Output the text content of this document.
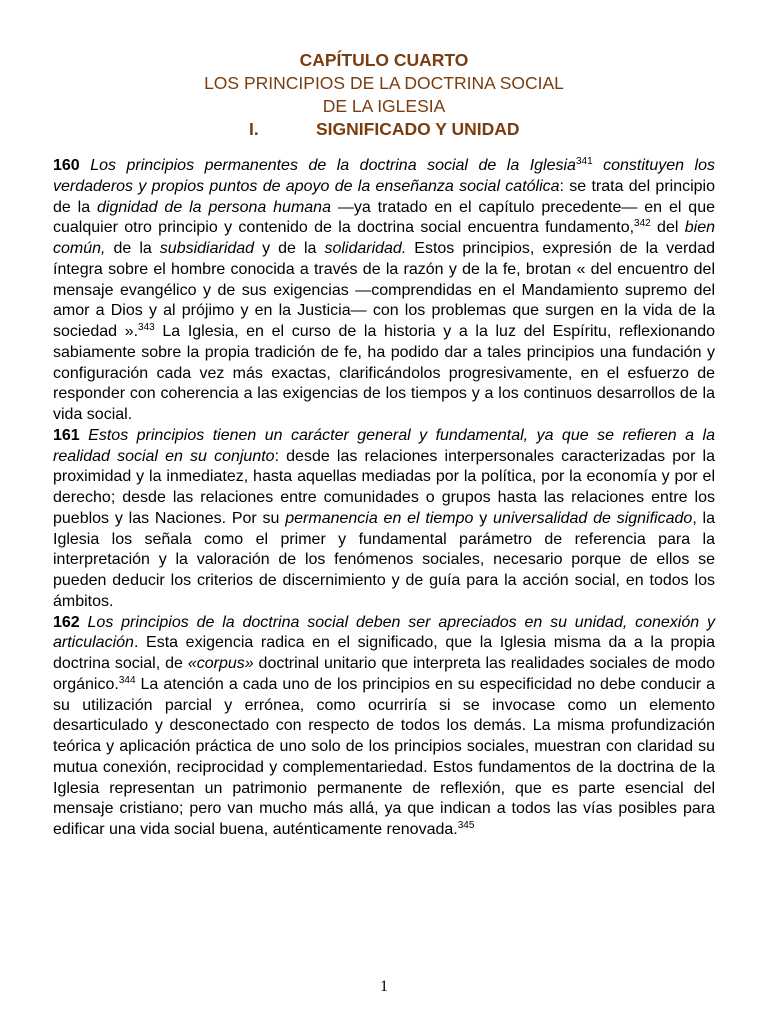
CAPÍTULO CUARTO
LOS PRINCIPIOS DE LA DOCTRINA SOCIAL
DE LA IGLESIA
I.	SIGNIFICADO Y UNIDAD

160 Los principios permanentes de la doctrina social de la Iglesia$^{341}$ constituyen los verdaderos y propios puntos de apoyo de la enseñanza social católica: se trata del principio de la dignidad de la persona humana —ya tratado en el capítulo precedente— en el que cualquier otro principio y contenido de la doctrina social encuentra fundamento,$^{342}$ del bien común, de la subsidiaridad y de la solidaridad. Estos principios, expresión de la verdad íntegra sobre el hombre conocida a través de la razón y de la fe, brotan « del encuentro del mensaje evangélico y de sus exigencias —comprendidas en el Mandamiento supremo del amor a Dios y al prójimo y en la Justicia— con los problemas que surgen en la vida de la sociedad ».$^{343}$ La Iglesia, en el curso de la historia y a la luz del Espíritu, reflexionando sabiamente sobre la propia tradición de fe, ha podido dar a tales principios una fundación y configuración cada vez más exactas, clarificándolos progresivamente, en el esfuerzo de responder con coherencia a las exigencias de los tiempos y a los continuos desarrollos de la vida social.

161 Estos principios tienen un carácter general y fundamental, ya que se refieren a la realidad social en su conjunto: desde las relaciones interpersonales caracterizadas por la proximidad y la inmediatez, hasta aquellas mediadas por la política, por la economía y por el derecho; desde las relaciones entre comunidades o grupos hasta las relaciones entre los pueblos y las Naciones. Por su permanencia en el tiempo y universalidad de significado, la Iglesia los señala como el primer y fundamental parámetro de referencia para la interpretación y la valoración de los fenómenos sociales, necesario porque de ellos se pueden deducir los criterios de discernimiento y de guía para la acción social, en todos los ámbitos.

162 Los principios de la doctrina social deben ser apreciados en su unidad, conexión y articulación. Esta exigencia radica en el significado, que la Iglesia misma da a la propia doctrina social, de «corpus» doctrinal unitario que interpreta las realidades sociales de modo orgánico.$^{344}$ La atención a cada uno de los principios en su especificidad no debe conducir a su utilización parcial y errónea, como ocurriría si se invocase como un elemento desarticulado y desconectado con respecto de todos los demás. La misma profundización teórica y aplicación práctica de uno solo de los principios sociales, muestran con claridad su mutua conexión, reciprocidad y complementariedad. Estos fundamentos de la doctrina de la Iglesia representan un patrimonio permanente de reflexión, que es parte esencial del mensaje cristiano; pero van mucho más allá, ya que indican a todos las vías posibles para edificar una vida social buena, auténticamente renovada.$^{345}$

1
